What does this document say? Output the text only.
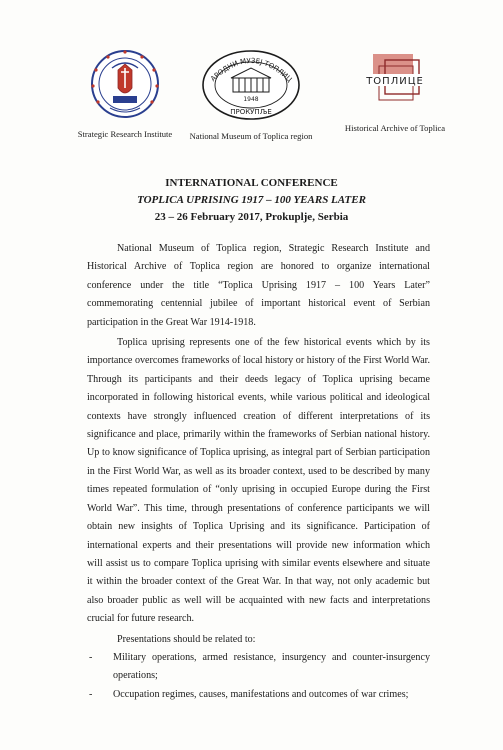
Strategic Research Institute
АРОДНИ МУЗЕЈ ТОПЛИЦ
1948
ПРОКУПЉЕ
National Museum of Toplica region
ТОПЛИЦЕ
Historical Archive of Toplica
INTERNATIONAL CONFERENCE
TOPLICA UPRISING 1917 – 100 YEARS LATER
23 – 26 February 2017, Prokuplje, Serbia

National Museum of Toplica region, Strategic Research Institute and Historical Archive of Toplica region are honored to organize international conference under the title “Toplica Uprising 1917 – 100 Years Later” commemorating centennial jubilee of important historical event of Serbian participation in the Great War 1914-1918.

Toplica uprising represents one of the few historical events which by its importance overcomes frameworks of local history or history of the First World War. Through its participants and their deeds legacy of Toplica uprising became incorporated in following historical events, while various political and ideological contexts have strongly influenced creation of different interpretations of its significance and place, primarily within the frameworks of Serbian national history. Up to know significance of Toplica uprising, as integral part of Serbian participation in the First World War, as well as its broader context, used to be described by many times repeated formulation of “only uprising in occupied Europe during the First World War”. This time, through presentations of conference participants we will obtain new insights of Toplica Uprising and its significance. Participation of international experts and their presentations will provide new information which will assist us to compare Toplica uprising with similar events elsewhere and situate it within the broader context of the Great War. In that way, not only academic but also broader public as well will be acquainted with new facts and interpretations crucial for future research.

Presentations should be related to:

- Military operations, armed resistance, insurgency and counter-insurgency operations;
- Occupation regimes, causes, manifestations and outcomes of war crimes;
